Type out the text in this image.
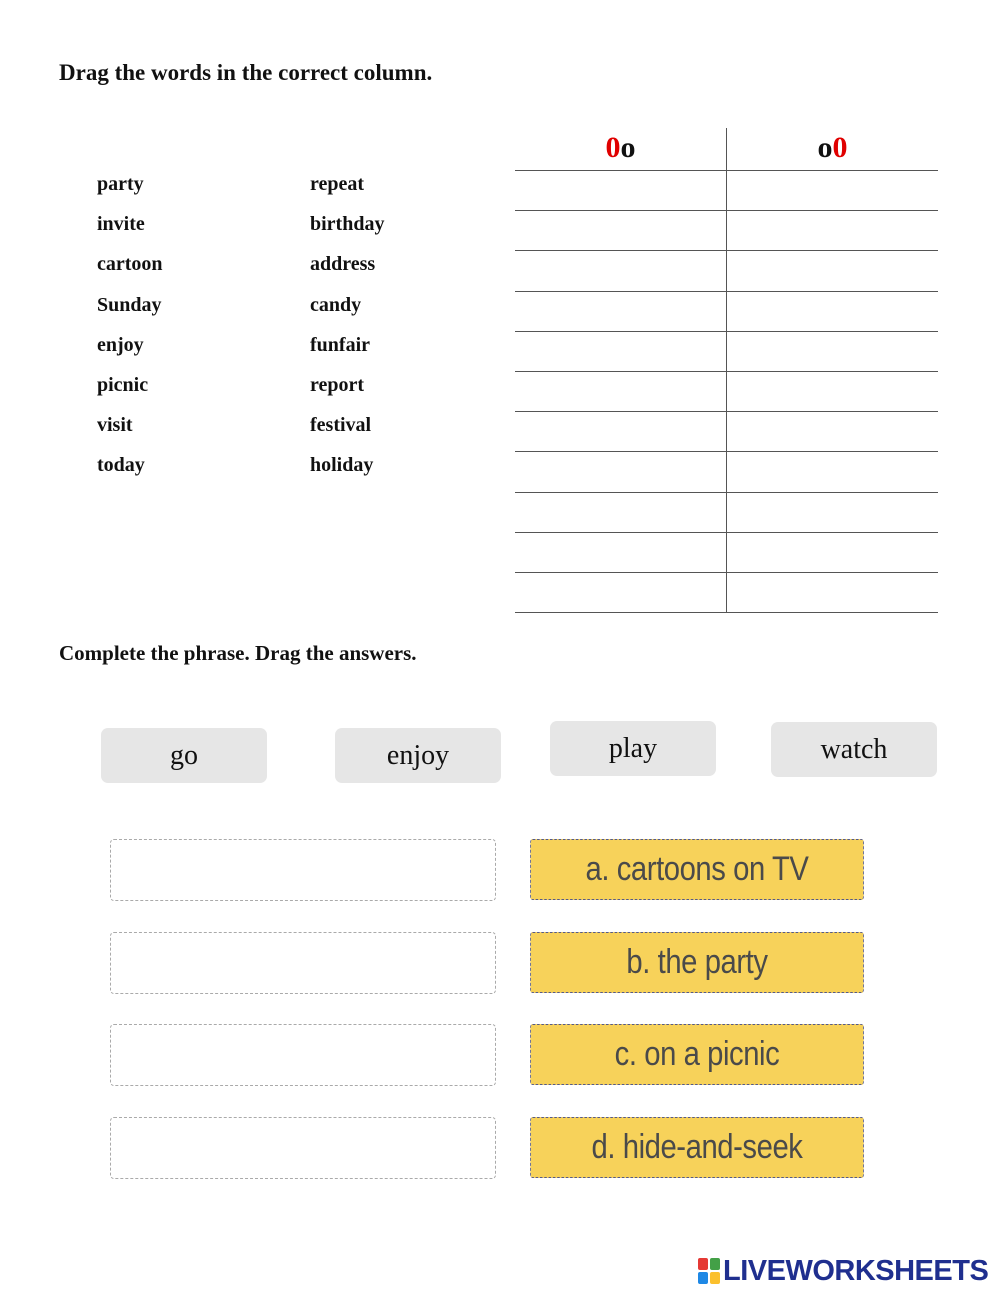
Drag the words in the correct column.
party
invite
cartoon
Sunday
enjoy
picnic
visit
today
repeat
birthday
address
candy
funfair
report
festival
holiday
0o	o0
Complete the phrase. Drag the answers.
go	enjoy	play	watch
a. cartoons on TV
b. the party
c. on a picnic
d. hide-and-seek
LIVEWORKSHEETS
